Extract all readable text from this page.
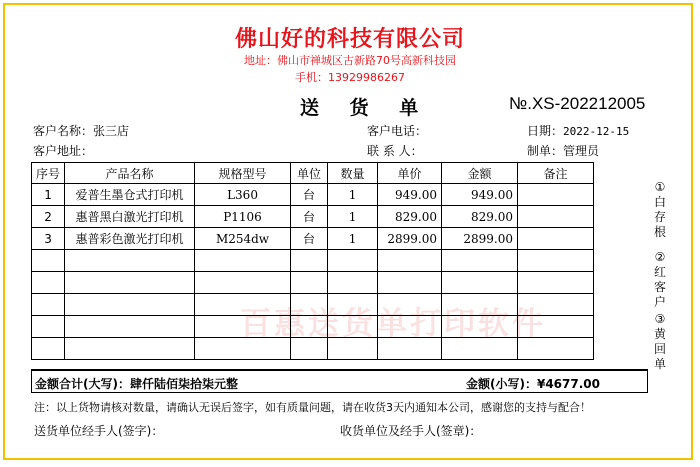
佛山好的科技有限公司
地址：佛山市禅城区古新路70号高新科技园
手机：13929986267
送 货 单	№.XS-202212005
客户名称：张三店	客户电话：	日期：2022-12-15
客户地址：	联 系 人：	制单：管理员
百惠送货单打印软件
序号	产品名称	规格型号	单位	数量	单价	金额	备注
1	爱普生墨仓式打印机	L360	台	1	949.00	949.00	
2	惠普黑白激光打印机	P1106	台	1	829.00	829.00	
3	惠普彩色激光打印机	M254dw	台	1	2899.00	2899.00	

金额合计(大写)：肆仟陆佰柒拾柒元整	金额(小写)：¥4677.00
①
白
存
根
②
红
客
户
③
黄
回
单
注：以上货物请核对数量，请确认无误后签字，如有质量问题，请在收货3天内通知本公司，感谢您的支持与配合！
送货单位经手人(签字)：	收货单位及经手人(签章)：
